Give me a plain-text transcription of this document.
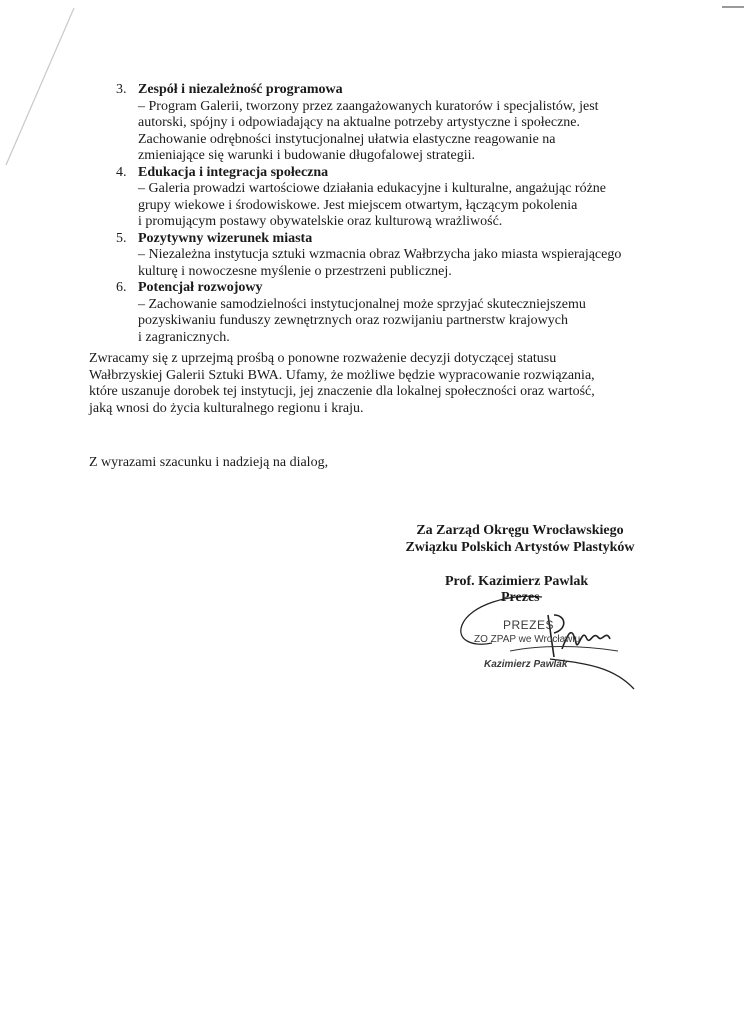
3. Zespół i niezależność programowa
– Program Galerii, tworzony przez zaangażowanych kuratorów i specjalistów, jest
autorski, spójny i odpowiadający na aktualne potrzeby artystyczne i społeczne.
Zachowanie odrębności instytucjonalnej ułatwia elastyczne reagowanie na
zmieniające się warunki i budowanie długofalowej strategii.
4. Edukacja i integracja społeczna
– Galeria prowadzi wartościowe działania edukacyjne i kulturalne, angażując różne
grupy wiekowe i środowiskowe. Jest miejscem otwartym, łączącym pokolenia
i promującym postawy obywatelskie oraz kulturową wrażliwość.
5. Pozytywny wizerunek miasta
– Niezależna instytucja sztuki wzmacnia obraz Wałbrzycha jako miasta wspierającego
kulturę i nowoczesne myślenie o przestrzeni publicznej.
6. Potencjał rozwojowy
– Zachowanie samodzielności instytucjonalnej może sprzyjać skuteczniejszemu
pozyskiwaniu funduszy zewnętrznych oraz rozwijaniu partnerstw krajowych
i zagranicznych.
Zwracamy się z uprzejmą prośbą o ponowne rozważenie decyzji dotyczącej statusu
Wałbrzyskiej Galerii Sztuki BWA. Ufamy, że możliwe będzie wypracowanie rozwiązania,
które uszanuje dorobek tej instytucji, jej znaczenie dla lokalnej społeczności oraz wartość,
jaką wnosi do życia kulturalnego regionu i kraju.
Z wyrazami szacunku i nadzieją na dialog,
Za Zarząd Okręgu Wrocławskiego
Związku Polskich Artystów Plastyków
Prof. Kazimierz Pawlak
PREZES
ZO ZPAP we Wrocławiu
Kazimierz Pawlak
Prezes
